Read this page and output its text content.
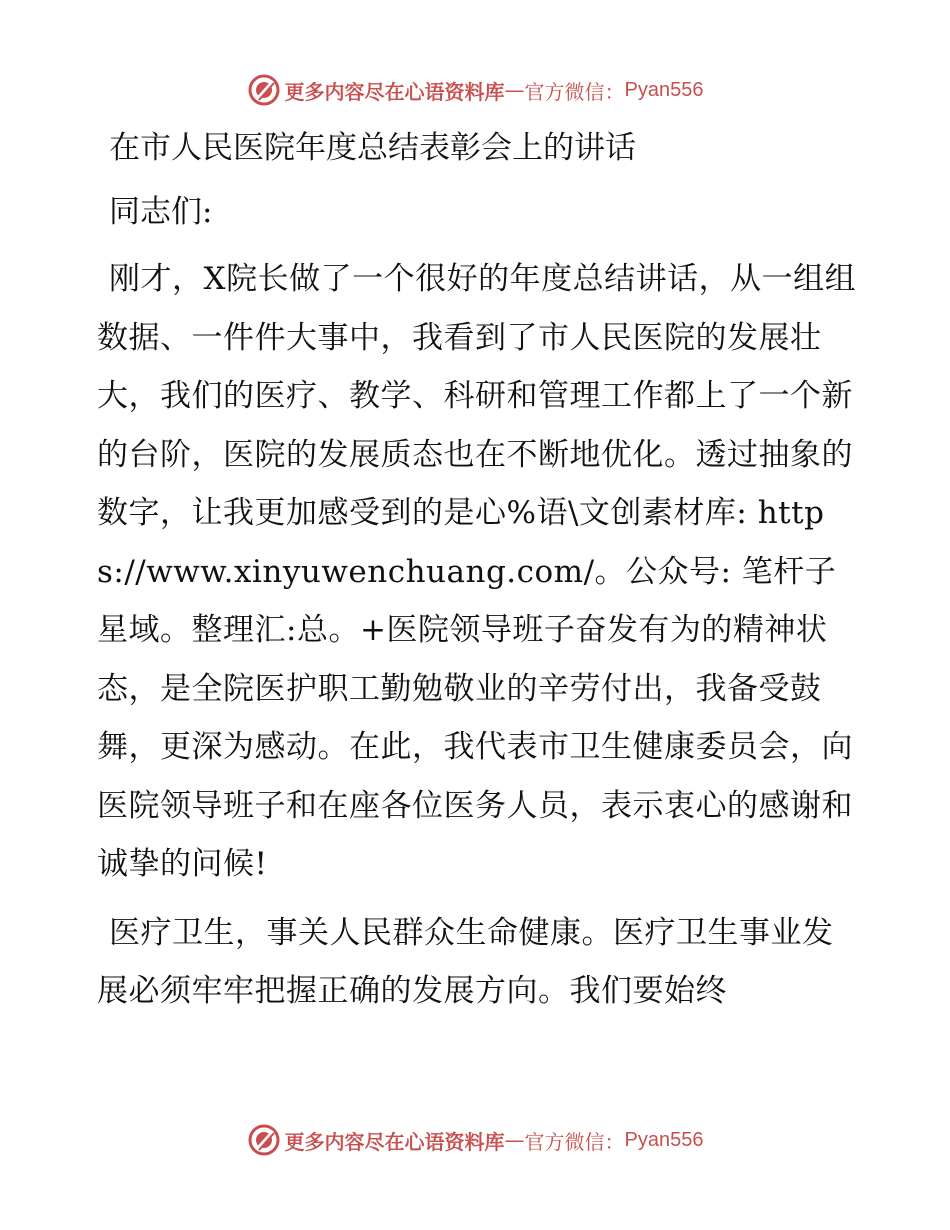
更多内容尽在心语资料库 — 官方微信： Pyan556
在市人民医院年度总结表彰会上的讲话
同志们:

刚才，X院长做了一个很好的年度总结讲话，从一组组数据、一件件大事中，我看到了市人民医院的发展壮大，我们的医疗、教学、科研和管理工作都上了一个新的台阶，医院的发展质态也在不断地优化。透过抽象的数字，让我更加感受到的是心%语\文创素材库: https://www.xinyuwenchuang.com/。公众号: 笔杆子星域。整理汇:总。+医院领导班子奋发有为的精神状态，是全院医护职工勤勉敬业的辛劳付出，我备受鼓舞，更深为感动。在此，我代表市卫生健康委员会，向医院领导班子和在座各位医务人员，表示衷心的感谢和诚挚的问候!

医疗卫生，事关人民群众生命健康。医疗卫生事业发展必须牢牢把握正确的发展方向。我们要始终

更多内容尽在心语资料库 — 官方微信： Pyan556
